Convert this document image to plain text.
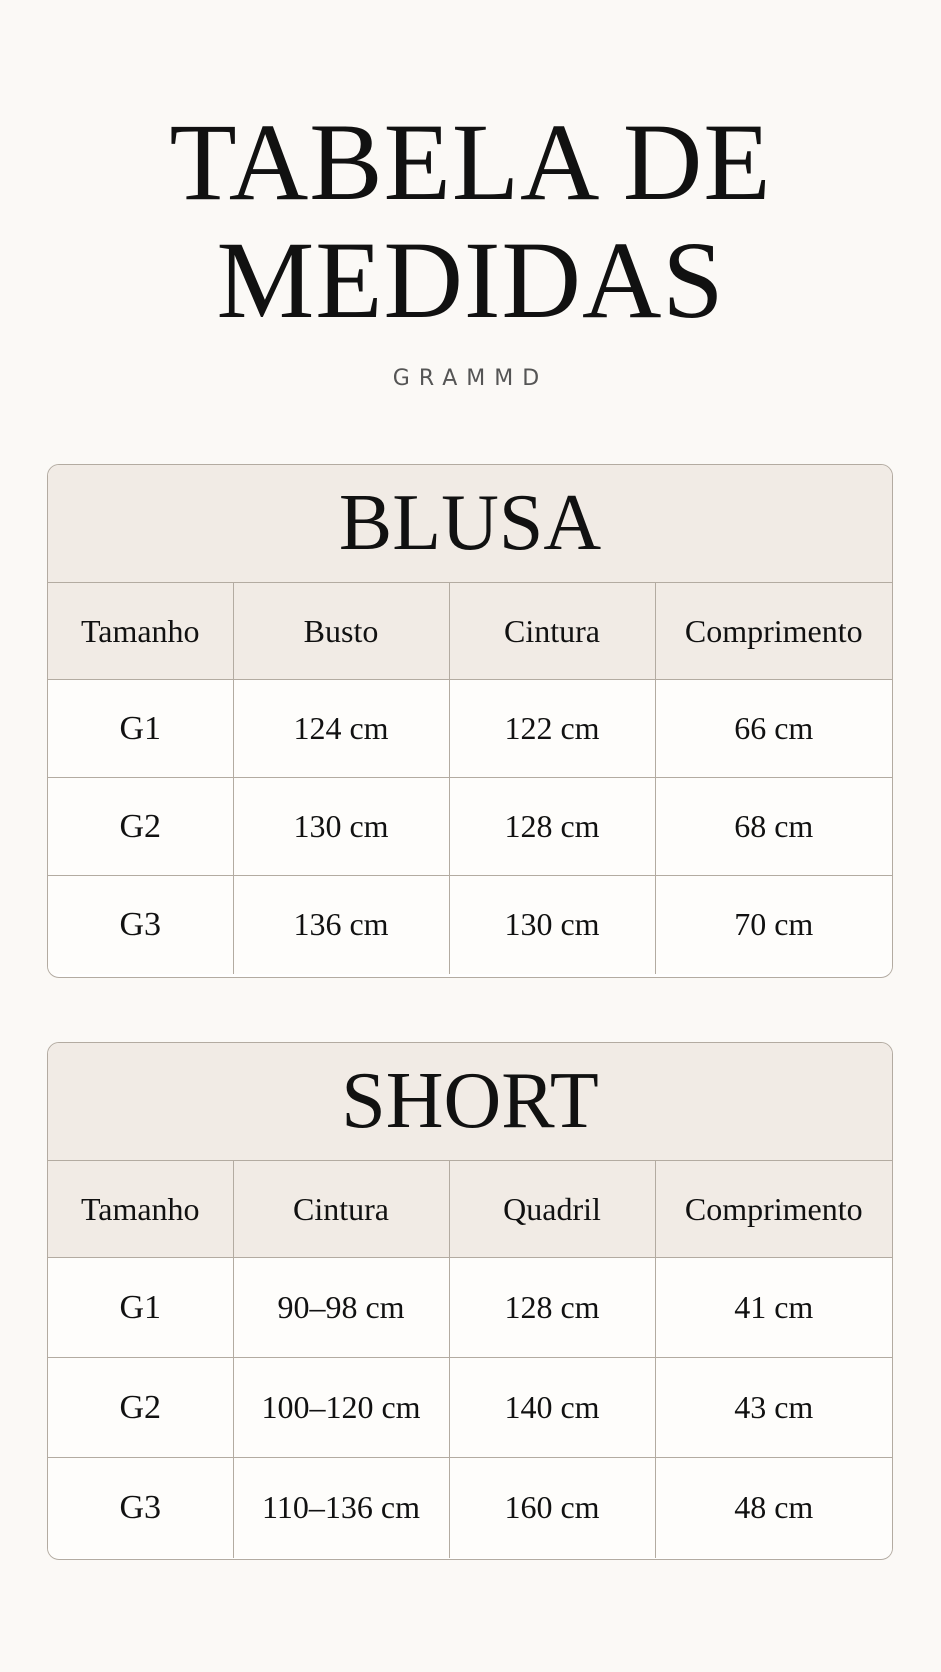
TABELA DE
MEDIDAS
GRAMMD
BLUSA
Tamanho	Busto	Cintura	Comprimento
G1	124 cm	122 cm	66 cm
G2	130 cm	128 cm	68 cm
G3	136 cm	130 cm	70 cm
SHORT
Tamanho	Cintura	Quadril	Comprimento
G1	90–98 cm	128 cm	41 cm
G2	100–120 cm	140 cm	43 cm
G3	110–136 cm	160 cm	48 cm
